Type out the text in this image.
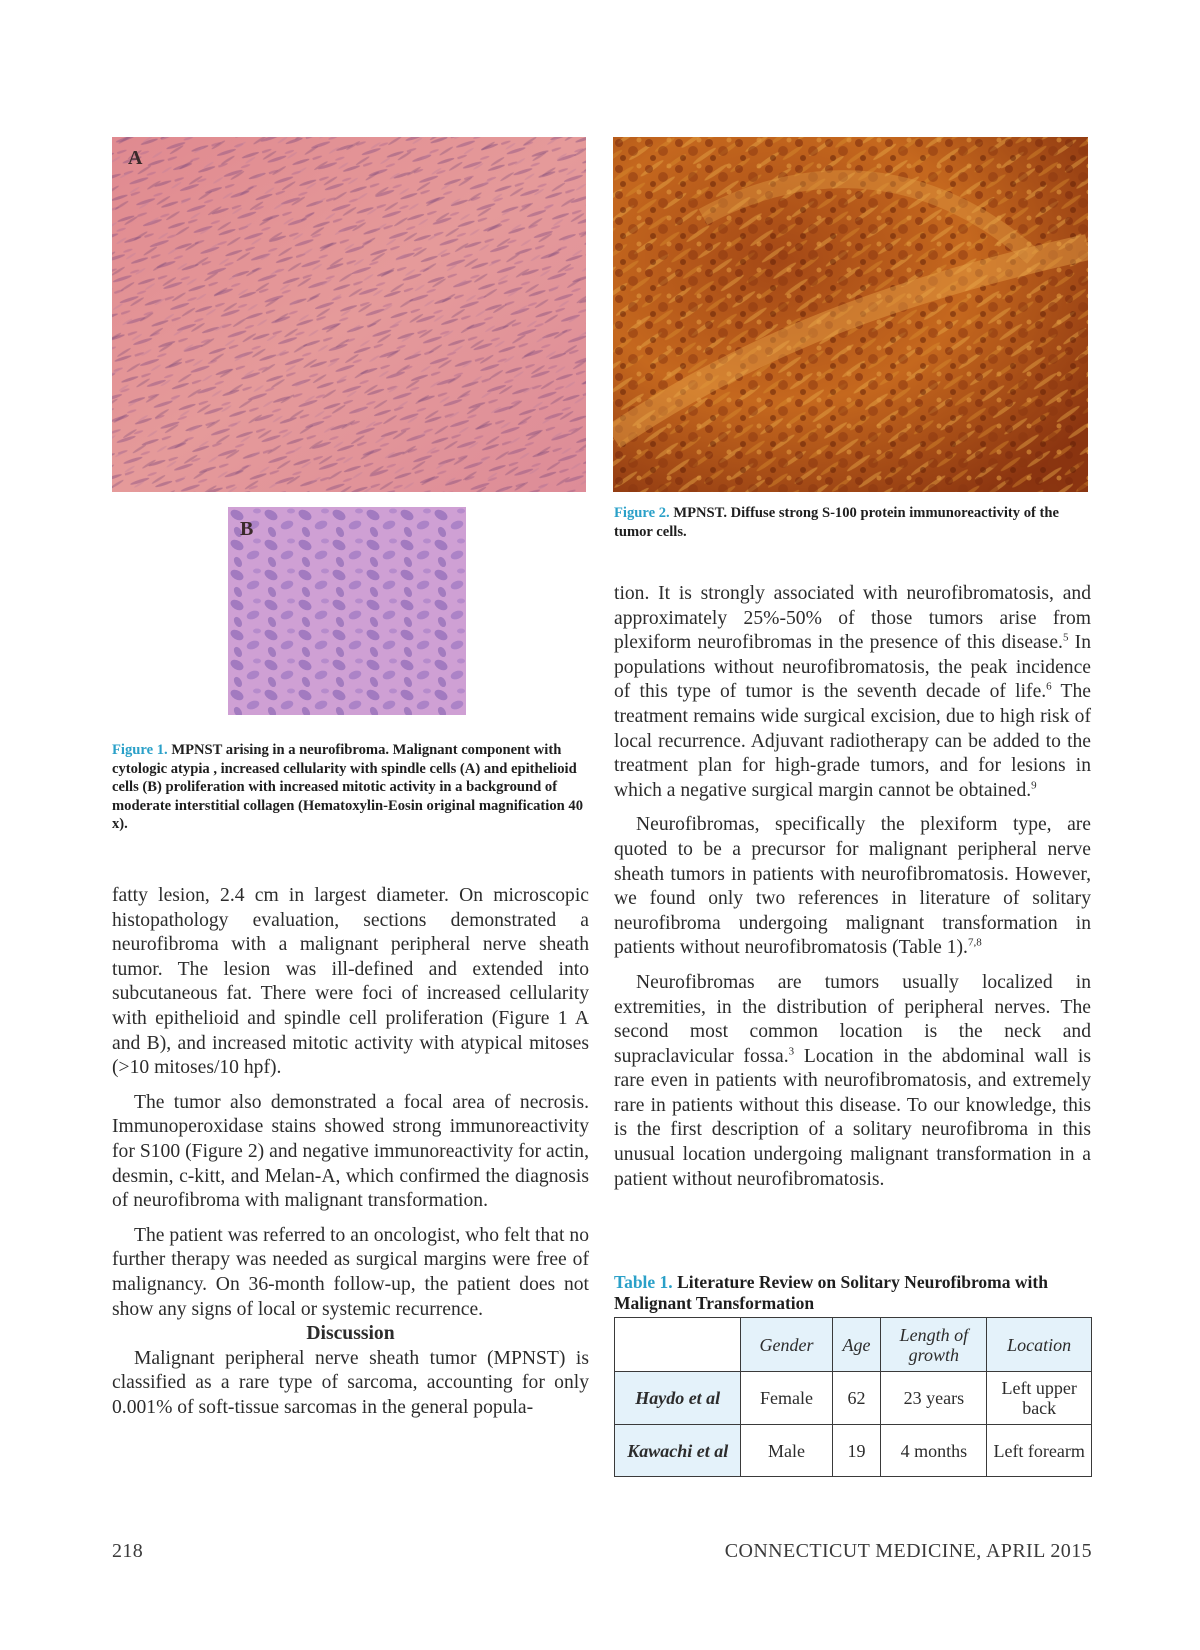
A
Figure 2. MPNST. Diffuse strong S-100 protein immunoreactivity of the tumor cells.
B
Figure 1. MPNST arising in a neurofibroma. Malignant component with cytologic atypia , increased cellularity with spindle cells (A) and epithelioid cells (B) proliferation with increased mitotic activity in a background of moderate interstitial collagen (Hematoxylin-Eosin original magnification 40 x).

fatty lesion, 2.4 cm in largest diameter. On microscopic histopathology evaluation, sections demonstrated a neurofibroma with a malignant peripheral nerve sheath tumor. The lesion was ill-defined and extended into subcutaneous fat. There were foci of increased cellularity with epithelioid and spindle cell proliferation (Figure 1 A and B), and increased mitotic activity with atypical mitoses (>10 mitoses/10 hpf).

The tumor also demonstrated a focal area of necrosis. Immunoperoxidase stains showed strong immunoreactivity for S100 (Figure 2) and negative immunoreactivity for actin, desmin, c-kitt, and Melan-A, which confirmed the diagnosis of neurofibroma with malignant transformation.

The patient was referred to an oncologist, who felt that no further therapy was needed as surgical margins were free of malignancy. On 36-month follow-up, the patient does not show any signs of local or systemic recurrence.

Discussion

Malignant peripheral nerve sheath tumor (MPNST) is classified as a rare type of sarcoma, accounting for only 0.001% of soft-tissue sarcomas in the general popula-

tion. It is strongly associated with neurofibromatosis, and approximately 25%-50% of those tumors arise from plexiform neurofibromas in the presence of this disease.$^5$ In populations without neurofibromatosis, the peak incidence of this type of tumor is the seventh decade of life.$^6$ The treatment remains wide surgical excision, due to high risk of local recurrence. Adjuvant radiotherapy can be added to the treatment plan for high-grade tumors, and for lesions in which a negative surgical margin cannot be obtained.$^9$

Neurofibromas, specifically the plexiform type, are quoted to be a precursor for malignant peripheral nerve sheath tumors in patients with neurofibromatosis. However, we found only two references in literature of solitary neurofibroma undergoing malignant transformation in patients without neurofibromatosis (Table 1).$^{7,8}$

Neurofibromas are tumors usually localized in extremities, in the distribution of peripheral nerves. The second most common location is the neck and supraclavicular fossa.$^3$ Location in the abdominal wall is rare even in patients with neurofibromatosis, and extremely rare in patients without this disease. To our knowledge, this is the first description of a solitary neurofibroma in this unusual location undergoing malignant transformation in a patient without neurofibromatosis.

Table 1. Literature Review on Solitary Neurofibroma with Malignant Transformation
	Gender	Age	Length of growth	Location
Haydo et al	Female	62	23 years	Left upper back
Kawachi et al	Male	19	4 months	Left forearm
218	CONNECTICUT MEDICINE, APRIL 2015
